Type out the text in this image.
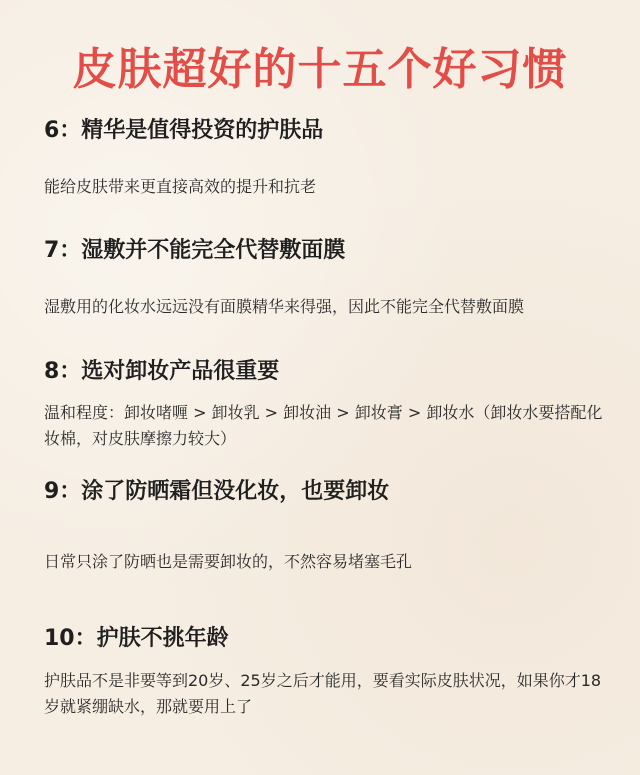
皮肤超好的十五个好习惯
6：精华是值得投资的护肤品
能给皮肤带来更直接高效的提升和抗老
7：湿敷并不能完全代替敷面膜
湿敷用的化妆水远远没有面膜精华来得强，因此不能完全代替敷面膜
8：选对卸妆产品很重要
温和程度：卸妆啫喱 > 卸妆乳 > 卸妆油 > 卸妆膏 > 卸妆水（卸妆水要搭配化妆棉，对皮肤摩擦力较大）
9：涂了防晒霜但没化妆，也要卸妆
日常只涂了防晒也是需要卸妆的，不然容易堵塞毛孔
10：护肤不挑年龄
护肤品不是非要等到20岁、25岁之后才能用，要看实际皮肤状况，如果你才18岁就紧绷缺水，那就要用上了
